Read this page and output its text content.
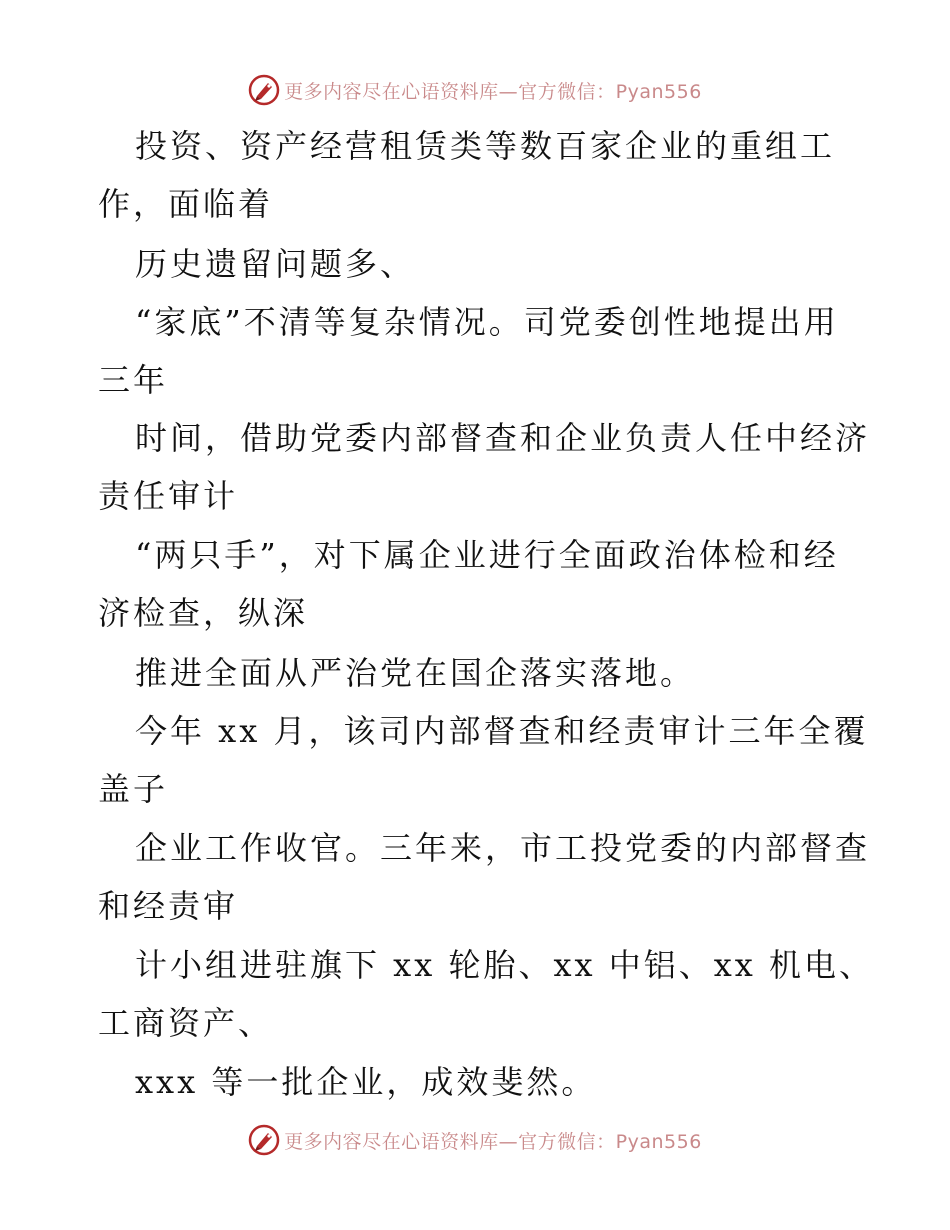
更多内容尽在心语资料库—官方微信：Pyan556
投资、资产经营租赁类等数百家企业的重组工
作，面临着
历史遗留问题多、
“家底”不清等复杂情况。司党委创性地提出用
三年
时间，借助党委内部督查和企业负责人任中经济
责任审计
“两只手”，对下属企业进行全面政治体检和经
济检查，纵深
推进全面从严治党在国企落实落地。
今年 xx 月，该司内部督查和经责审计三年全覆
盖子
企业工作收官。三年来，市工投党委的内部督查
和经责审
计小组进驻旗下 xx 轮胎、xx 中铝、xx 机电、
工商资产、
xxx 等一批企业，成效斐然。
更多内容尽在心语资料库—官方微信：Pyan556
